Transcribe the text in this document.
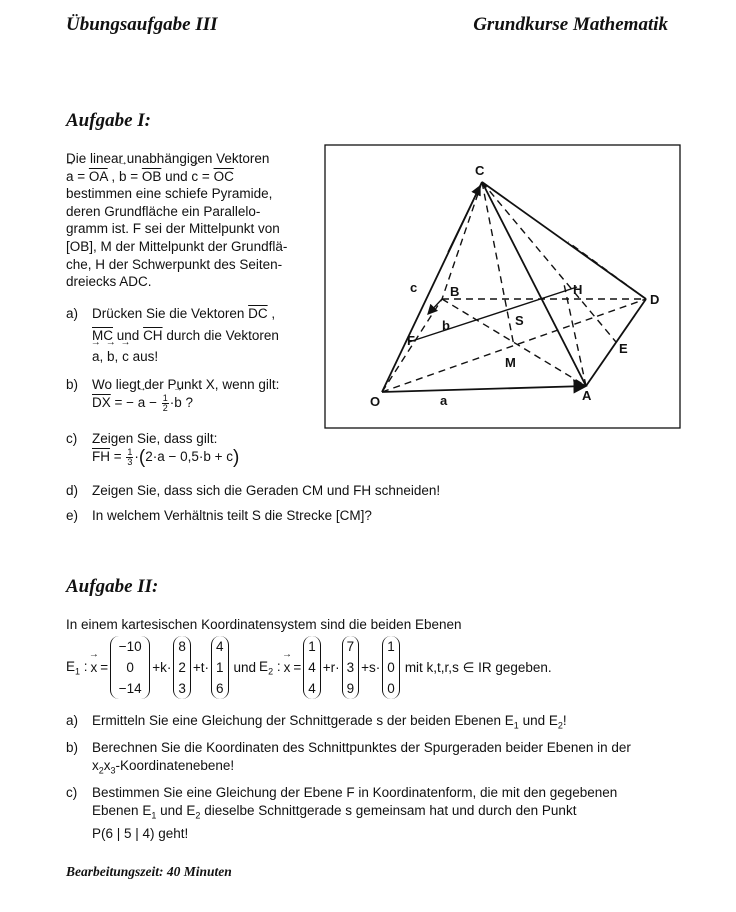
Übungsaufgabe III	Grundkurse Mathematik
Aufgabe I:
Die linear unabhängigen Vektoren
→ $a = \overline{OA}$ , → $b = \overline{OB}$ und → $c = \overline{OC}$
bestimmen eine schiefe Pyramide,
deren Grundfläche ein Parallelo-
gramm ist. F sei der Mittelpunkt von
[OB], M der Mittelpunkt der Grundflä-
che, H der Schwerpunkt des Seiten-
dreiecks ADC.
a)	Drücken Sie die Vektoren $\overline{DC}$ ,
$\overline{MC}$ und $\overline{CH}$ durch die Vektoren
→ a, → b, → c aus!
b)	Wo liegt der Punkt X, wenn gilt:
$\overline{DX}$ = − → $a - \frac{1}{2} \cdot\to b$ ?
c)	Zeigen Sie, dass gilt:
$\overline{FH} = \frac{1}{3} \cdot(2\cdot a - 0,5\cdot b + c)$
d)	Zeigen Sie, dass sich die Geraden CM und FH schneiden!
e)	In welchem Verhältnis teilt S die Strecke [CM]?
C
B	H
D
S
F
M
E
O	A
c
b
a
Aufgabe II:
In einem kartesischen Koordinatensystem sind die beiden Ebenen
$E_1$ : → x =
−10
0
−14
+ k ·
8
2
3
+ t ·
4
1
6
und $E_2$ : → x =
1
4
4
+ r ·
7
3
9
+ s ·
1
0
0
mit k,t,r,s ∈ IR gegeben.
a)	Ermitteln Sie eine Gleichung der Schnittgerade s der beiden Ebenen $E_1$ und $E_2$!
b)	Berechnen Sie die Koordinaten des Schnittpunktes der Spurgeraden beider Ebenen in der
$x_2x_3$-Koordinatenebene!
c)	Bestimmen Sie eine Gleichung der Ebene F in Koordinatenform, die mit den gegebenen
Ebenen $E_1$ und $E_2$ dieselbe Schnittgerade s gemeinsam hat und durch den Punkt
P(6 | 5 | 4) geht!
Bearbeitungszeit: 40 Minuten
